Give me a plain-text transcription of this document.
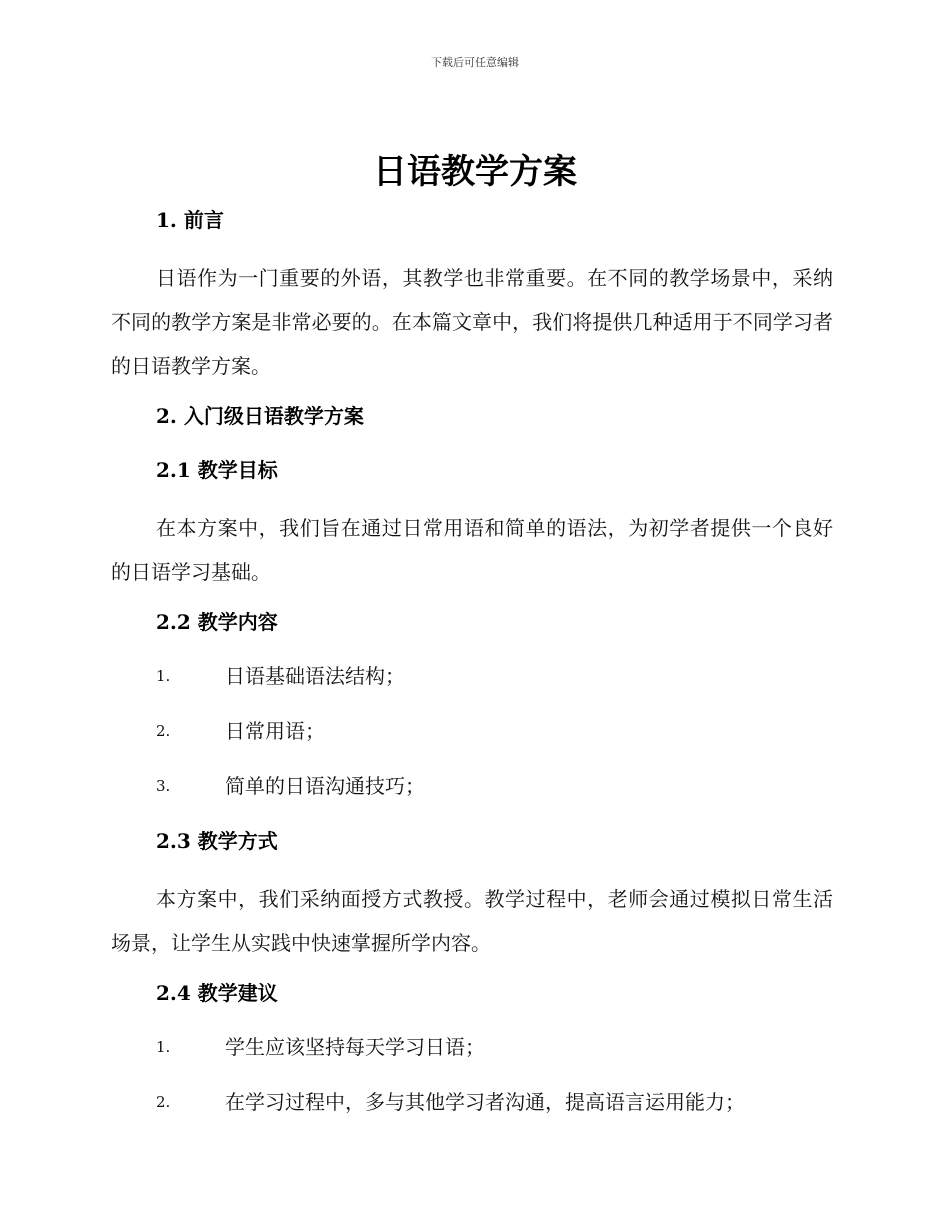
下载后可任意编辑
日语教学方案
1. 前言

日语作为一门重要的外语，其教学也非常重要。在不同的教学场景中，采纳不同的教学方案是非常必要的。在本篇文章中，我们将提供几种适用于不同学习者的日语教学方案。

2. 入门级日语教学方案
2.1 教学目标

在本方案中，我们旨在通过日常用语和简单的语法，为初学者提供一个良好的日语学习基础。

2.2 教学内容
1.	日语基础语法结构；
2.	日常用语；
3.	简单的日语沟通技巧；
2.3 教学方式

本方案中，我们采纳面授方式教授。教学过程中，老师会通过模拟日常生活场景，让学生从实践中快速掌握所学内容。

2.4 教学建议
1.	学生应该坚持每天学习日语；
2.	在学习过程中，多与其他学习者沟通，提高语言运用能力；
